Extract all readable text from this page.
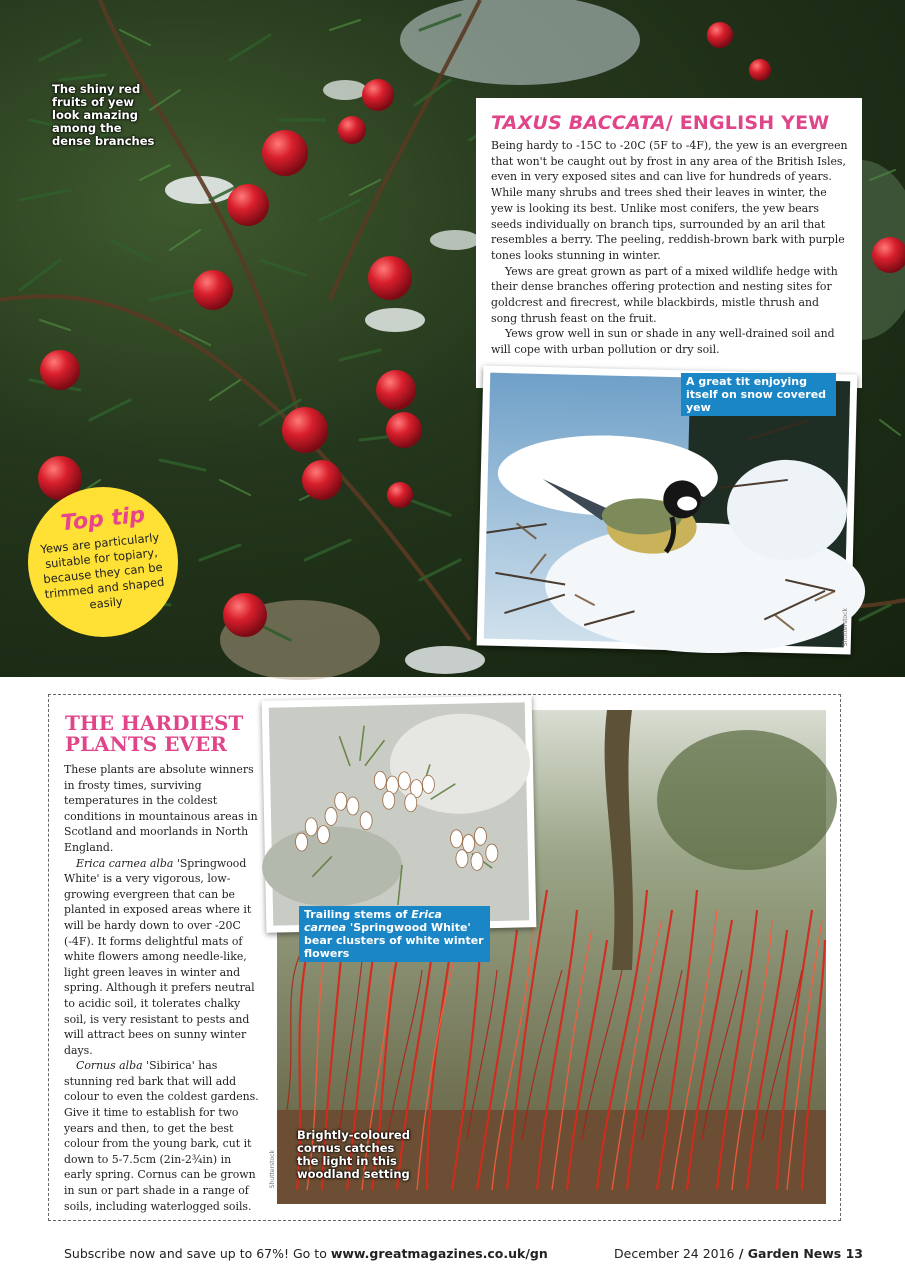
The shiny red fruits of yew look amazing among the dense branches
Top tip
Yews are particularly suitable for topiary, because they can be trimmed and shaped easily
TAXUS BACCATA/ ENGLISH YEW

Being hardy to -15C to -20C (5F to -4F), the yew is an evergreen that won't be caught out by frost in any area of the British Isles, even in very exposed sites and can live for hundreds of years. While many shrubs and trees shed their leaves in winter, the yew is looking its best. Unlike most conifers, the yew bears seeds individually on branch tips, surrounded by an aril that resembles a berry. The peeling, reddish-brown bark with purple tones looks stunning in winter.

Yews are great grown as part of a mixed wildlife hedge with their dense branches offering protection and nesting sites for goldcrest and firecrest, while blackbirds, mistle thrush and song thrush feast on the fruit.

Yews grow well in sun or shade in any well-drained soil and will cope with urban pollution or dry soil.

A great tit enjoying itself on snow covered yew
Shutterstock
THE HARDIEST PLANTS EVER

These plants are absolute winners in frosty times, surviving temperatures in the coldest conditions in mountainous areas in Scotland and moorlands in North England.

Erica carnea alba 'Springwood White' is a very vigorous, low-growing evergreen that can be planted in exposed areas where it will be hardy down to over -20C (-4F). It forms delightful mats of white flowers among needle-like, light green leaves in winter and spring. Although it prefers neutral to acidic soil, it tolerates chalky soil, is very resistant to pests and will attract bees on sunny winter days.

Cornus alba 'Sibirica' has stunning red bark that will add colour to even the coldest gardens. Give it time to establish for two years and then, to get the best colour from the young bark, cut it down to 5-7.5cm (2in-2¾in) in early spring. Cornus can be grown in sun or part shade in a range of soils, including waterlogged soils.

Shutterstock
Brightly-coloured cornus catches the light in this woodland setting
Trailing stems of Erica carnea 'Springwood White' bear clusters of white winter flowers
Subscribe now and save up to 67%! Go to www.greatmagazines.co.uk/gn	December 24 2016 / Garden News 13
